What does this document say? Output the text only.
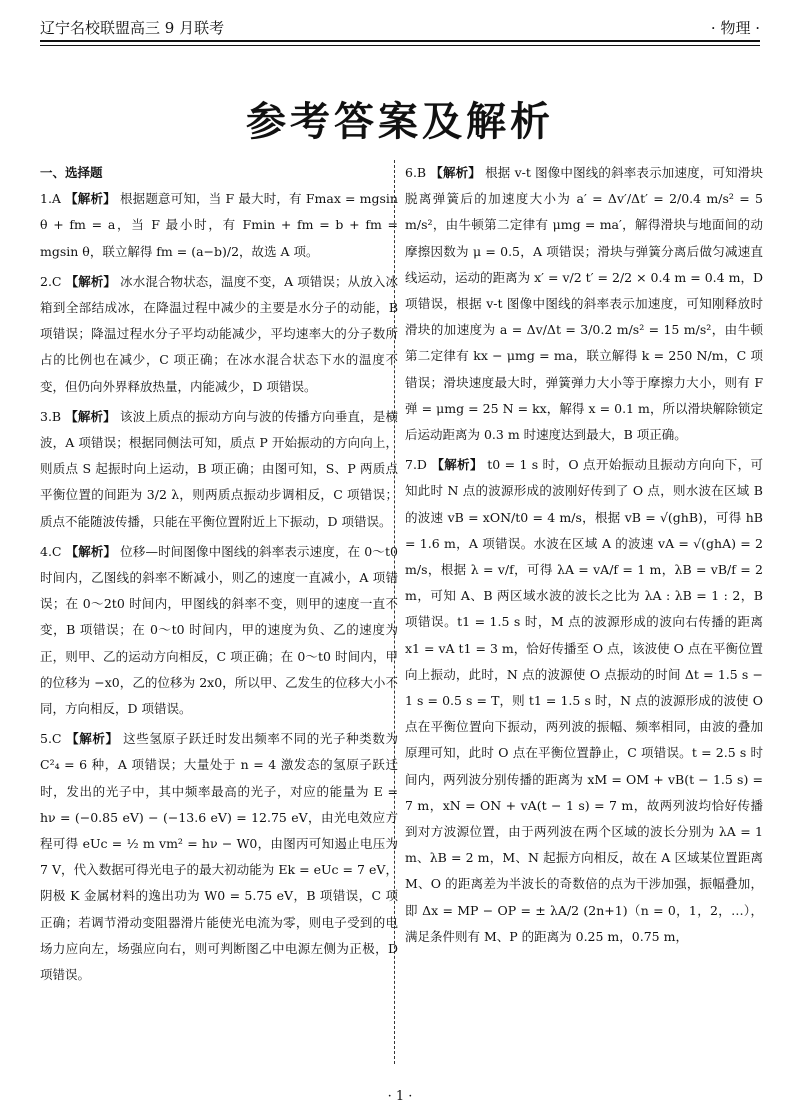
辽宁名校联盟高三 9 月联考	· 物理 ·
参考答案及解析
一、选择题

1.A 【解析】 根据题意可知，当 F 最大时，有 Fmax = mgsin θ + fm = a，当 F 最小时，有 Fmin + fm = b + fm = mgsin θ，联立解得 fm = (a−b)/2，故选 A 项。

2.C 【解析】 冰水混合物状态，温度不变，A 项错误；从放入冰箱到全部结成冰，在降温过程中减少的主要是水分子的动能，B 项错误；降温过程水分子平均动能减少，平均速率大的分子数所占的比例也在减少，C 项正确；在冰水混合状态下水的温度不变，但仍向外界释放热量，内能减少，D 项错误。

3.B 【解析】 该波上质点的振动方向与波的传播方向垂直，是横波，A 项错误；根据同侧法可知，质点 P 开始振动的方向向上，则质点 S 起振时向上运动，B 项正确；由图可知，S、P 两质点平衡位置的间距为 3/2 λ，则两质点振动步调相反，C 项错误；质点不能随波传播，只能在平衡位置附近上下振动，D 项错误。

4.C 【解析】 位移—时间图像中图线的斜率表示速度，在 0～t0 时间内，乙图线的斜率不断减小，则乙的速度一直减小，A 项错误；在 0～2t0 时间内，甲图线的斜率不变，则甲的速度一直不变，B 项错误；在 0～t0 时间内，甲的速度为负、乙的速度为正，则甲、乙的运动方向相反，C 项正确；在 0～t0 时间内，甲的位移为 −x0，乙的位移为 2x0，所以甲、乙发生的位移大小不同，方向相反，D 项错误。

5.C 【解析】 这些氢原子跃迁时发出频率不同的光子种类数为 C²₄ = 6 种，A 项错误；大量处于 n = 4 激发态的氢原子跃迁时，发出的光子中，其中频率最高的光子，对应的能量为 E = hν = (−0.85 eV) − (−13.6 eV) = 12.75 eV，由光电效应方程可得 eUc = ½ m vm² = hν − W0，由图丙可知遏止电压为 7 V，代入数据可得光电子的最大初动能为 Ek = eUc = 7 eV，阴极 K 金属材料的逸出功为 W0 = 5.75 eV，B 项错误，C 项正确；若调节滑动变阻器滑片能使光电流为零，则电子受到的电场力应向左，场强应向右，则可判断图乙中电源左侧为正极，D 项错误。

6.B 【解析】 根据 v-t 图像中图线的斜率表示加速度，可知滑块脱离弹簧后的加速度大小为 a′ = Δv′/Δt′ = 2/0.4 m/s² = 5 m/s²，由牛顿第二定律有 μmg = ma′，解得滑块与地面间的动摩擦因数为 μ = 0.5，A 项错误；滑块与弹簧分离后做匀减速直线运动，运动的距离为 x′ = v/2 t′ = 2/2 × 0.4 m = 0.4 m，D 项错误，根据 v-t 图像中图线的斜率表示加速度，可知刚释放时滑块的加速度为 a = Δv/Δt = 3/0.2 m/s² = 15 m/s²，由牛顿第二定律有 kx − μmg = ma，联立解得 k = 250 N/m，C 项错误；滑块速度最大时，弹簧弹力大小等于摩擦力大小，则有 F弹 = μmg = 25 N = kx，解得 x = 0.1 m，所以滑块解除锁定后运动距离为 0.3 m 时速度达到最大，B 项正确。

7.D 【解析】 t0 = 1 s 时，O 点开始振动且振动方向向下，可知此时 N 点的波源形成的波刚好传到了 O 点，则水波在区域 B 的波速 vB = xON/t0 = 4 m/s，根据 vB = √(ghB)，可得 hB = 1.6 m，A 项错误。水波在区域 A 的波速 vA = √(ghA) = 2 m/s，根据 λ = v/f，可得 λA = vA/f = 1 m，λB = vB/f = 2 m，可知 A、B 两区域水波的波长之比为 λA : λB = 1 : 2，B 项错误。t1 = 1.5 s 时，M 点的波源形成的波向右传播的距离 x1 = vA t1 = 3 m，恰好传播至 O 点，该波使 O 点在平衡位置向上振动，此时，N 点的波源使 O 点振动的时间 Δt = 1.5 s − 1 s = 0.5 s = T，则 t1 = 1.5 s 时，N 点的波源形成的波使 O 点在平衡位置向下振动，两列波的振幅、频率相同，由波的叠加原理可知，此时 O 点在平衡位置静止，C 项错误。t = 2.5 s 时间内，两列波分别传播的距离为 xM = OM + vB(t − 1.5 s) = 7 m，xN = ON + vA(t − 1 s) = 7 m，故两列波均恰好传播到对方波源位置，由于两列波在两个区域的波长分别为 λA = 1 m、λB = 2 m，M、N 起振方向相反，故在 A 区域某位置距离 M、O 的距离差为半波长的奇数倍的点为干涉加强，振幅叠加，即 Δx = MP − OP = ± λA/2 (2n+1)（n = 0，1，2，…），满足条件则有 M、P 的距离为 0.25 m，0.75 m，

· 1 ·
